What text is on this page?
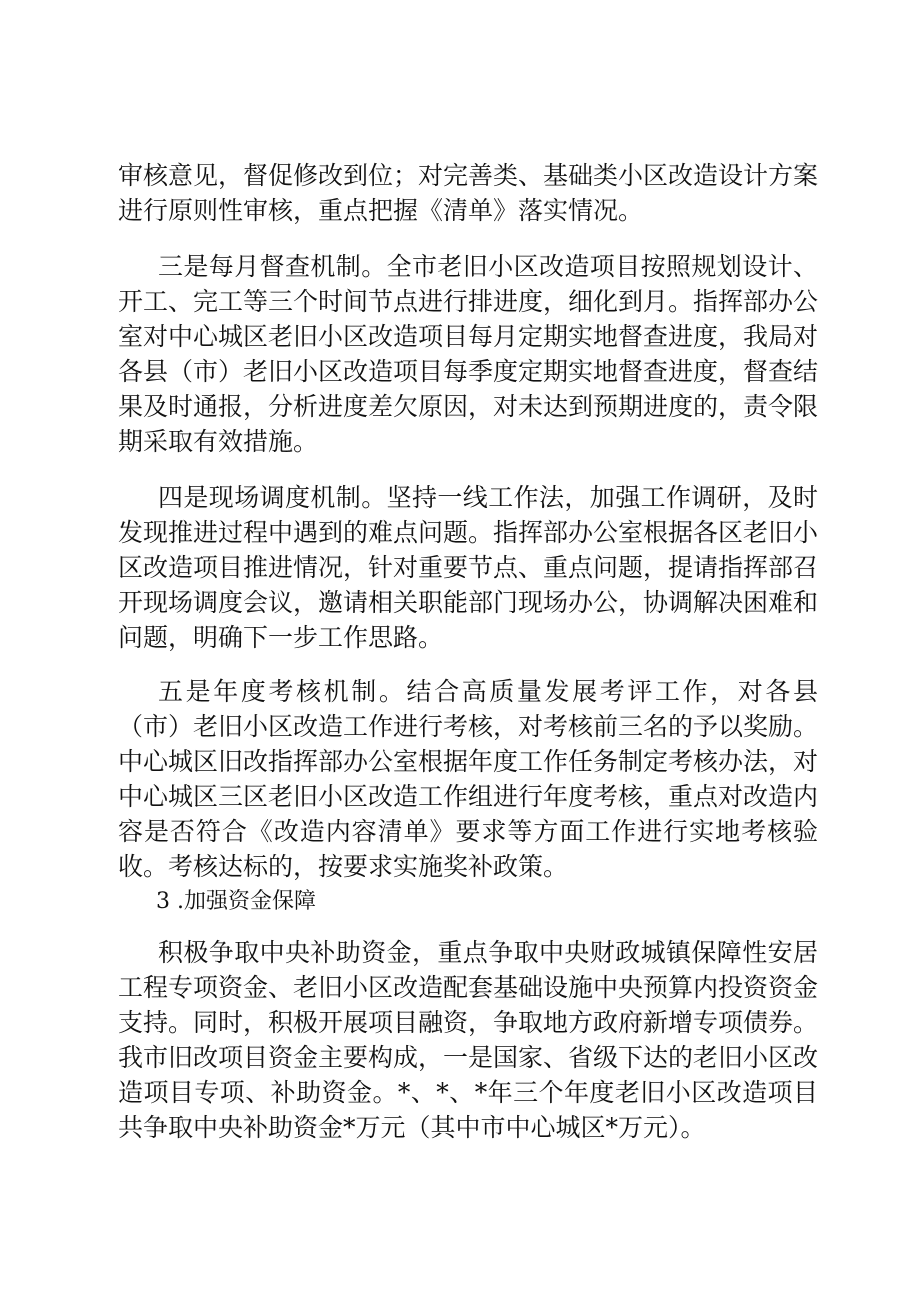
审核意见，督促修改到位；对完善类、基础类小区改造设计方案进行原则性审核，重点把握《清单》落实情况。

三是每月督查机制。全市老旧小区改造项目按照规划设计、开工、完工等三个时间节点进行排进度，细化到月。指挥部办公室对中心城区老旧小区改造项目每月定期实地督查进度，我局对各县（市）老旧小区改造项目每季度定期实地督查进度，督查结果及时通报，分析进度差欠原因，对未达到预期进度的，责令限期采取有效措施。

四是现场调度机制。坚持一线工作法，加强工作调研，及时发现推进过程中遇到的难点问题。指挥部办公室根据各区老旧小区改造项目推进情况，针对重要节点、重点问题，提请指挥部召开现场调度会议，邀请相关职能部门现场办公，协调解决困难和问题，明确下一步工作思路。

五是年度考核机制。结合高质量发展考评工作，对各县（市）老旧小区改造工作进行考核，对考核前三名的予以奖励。中心城区旧改指挥部办公室根据年度工作任务制定考核办法，对中心城区三区老旧小区改造工作组进行年度考核，重点对改造内容是否符合《改造内容清单》要求等方面工作进行实地考核验收。考核达标的，按要求实施奖补政策。

3 .加强资金保障

积极争取中央补助资金，重点争取中央财政城镇保障性安居工程专项资金、老旧小区改造配套基础设施中央预算内投资资金支持。同时，积极开展项目融资，争取地方政府新增专项债券。我市旧改项目资金主要构成，一是国家、省级下达的老旧小区改造项目专项、补助资金。*、*、*年三个年度老旧小区改造项目共争取中央补助资金*万元（其中市中心城区*万元）。
